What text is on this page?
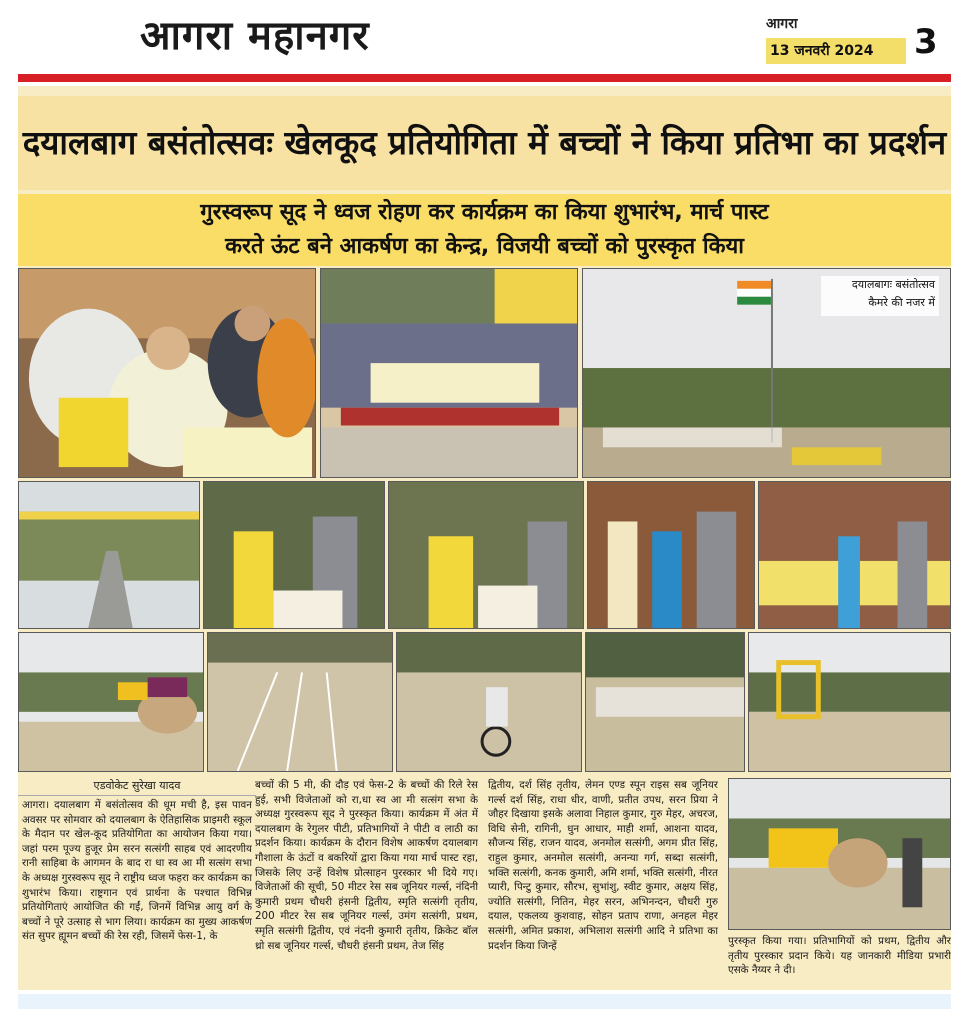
आगरा महानगर	आगरा
13 जनवरी 2024	3
दयालबाग बसंतोत्सवः खेलकूद प्रतियोगिता में बच्चों ने किया प्रतिभा का प्रदर्शन
गुरस्वरूप सूद ने ध्वज रोहण कर कार्यक्रम का किया शुभारंभ, मार्च पास्ट
करते ऊंट बने आकर्षण का केन्द्र, विजयी बच्चों को पुरस्कृत किया
दयालबागः बसंतोत्सव
कैमरे की नजर में
एडवोकेट सुरेखा यादव
आगरा। दयालबाग में बसंतोत्सव की धूम मची है, इस पावन अवसर पर सोमवार को दयालबाग के ऐतिहासिक प्राइमरी स्कूल के मैदान पर खेल-कूद प्रतियोगिता का आयोजन किया गया। जहां परम पूज्य हुजूर प्रेम सरन सत्संगी साहब एवं आदरणीय रानी साहिबा के आगमन के बाद रा धा स्व आ मी सत्संग सभा के अध्यक्ष गुरस्वरूप सूद ने राष्ट्रीय ध्वज फहरा कर कार्यक्रम का शुभारंभ किया। राष्ट्रगान एवं प्रार्थना के पश्चात विभिन्न प्रतियोगिताएं आयोजित की गईं, जिनमें विभिन्न आयु वर्ग के बच्चों ने पूरे उत्साह से भाग लिया। कार्यक्रम का मुख्य आकर्षण संत सुपर ह्यूमन बच्चों की रेस रही, जिसमें फेस-1, के
बच्चों की 5 मी, की दौड़ एवं फेस-2 के बच्चों की रिले रेस हुई, सभी विजेताओं को रा,धा स्व आ मी सत्संग सभा के अध्यक्ष गुरस्वरूप सूद ने पुरस्कृत किया। कार्यक्रम में अंत में दयालबाग के रेगुलर पीटी, प्रतिभागियों ने पीटी व लाठी का प्रदर्शन किया। कार्यक्रम के दौरान विशेष आकर्षण दयालबाग गौशाला के ऊंटों व बकरियों द्वारा किया गया मार्च पास्ट रहा, जिसके लिए उन्हें विशेष प्रोत्साहन पुरस्कार भी दिये गए। विजेताओं की सूची, 50 मीटर रेस सब जूनियर गर्ल्स, नंदिनी कुमारी प्रथम चौधरी हंसनी द्वितीय, स्मृति सत्संगी तृतीय, 200 मीटर रेस सब जूनियर गर्ल्स, उमंग सत्संगी, प्रथम, स्मृति सत्संगी द्वितीय, एवं नंदनी कुमारी तृतीय, क्रिकेट बॉल थ्रो सब जूनियर गर्ल्स, चौधरी हंसनी प्रथम, तेज सिंह
द्वितीय, दर्श सिंह तृतीय, लेमन एण्ड स्पून राइस सब जूनियर गर्ल्स दर्श सिंह, राधा धीर, वाणी, प्रतीत उपध, सरन प्रिया ने जौहर दिखाया इसके अलावा निहाल कुमार, गुरु मेहर, अचरज, विधि सेनी, रागिनी, धुन आधार, माही शर्मा, आशना यादव, सौजन्य सिंह, राजन यादव, अनमोल सत्संगी, अगम प्रीत सिंह, राहुल कुमार, अनमोल सत्संगी, अनन्या गर्ग, सब्दा सत्संगी, भक्ति सत्संगी, कनक कुमारी, अमि शर्मा, भक्ति सत्संगी, नीरत प्यारी, पिन्टु कुमार, सौरभ, सुभांशु, स्वीट कुमार, अक्षय सिंह, ज्योति सत्संगी, नितिन, मेहर सरन, अभिनन्दन, चौधरी गुरु दयाल, एकलव्य कुशवाह, सोहन प्रताप राणा, अनहल मेहर सत्संगी, अमित प्रकाश, अभिलाश सत्संगी आदि ने प्रतिभा का प्रदर्शन किया जिन्हें	पुरस्कृत किया गया। प्रतिभागियों को प्रथम, द्वितीय और तृतीय पुरस्कार प्रदान किये। यह जानकारी मीडिया प्रभारी एसके नैय्यर ने दी।
